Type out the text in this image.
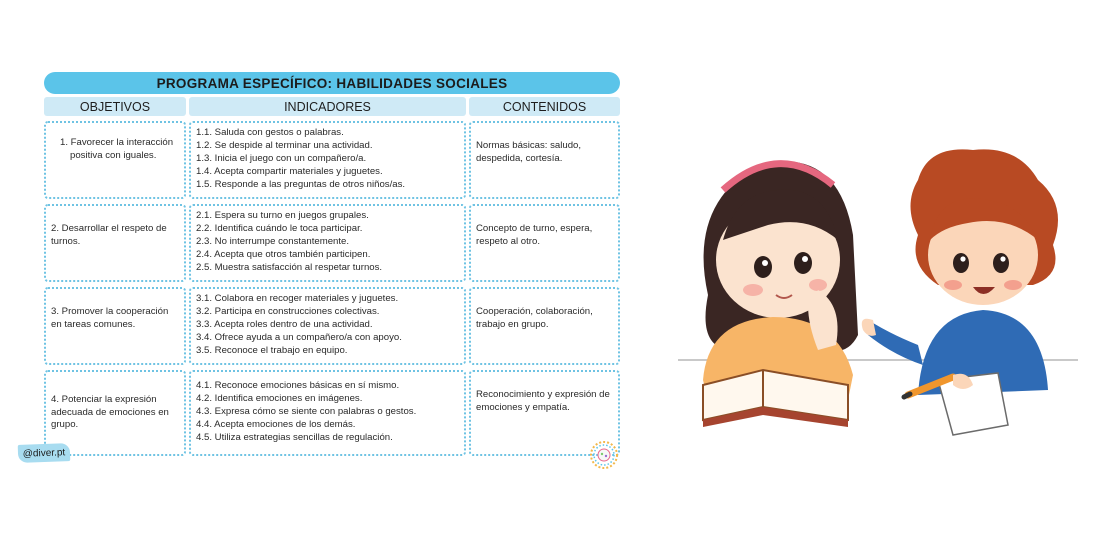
PROGRAMA ESPECÍFICO: HABILIDADES SOCIALES
OBJETIVOS	INDICADORES	CONTENIDOS
1. Favorecer la interacción positiva con iguales.
1.1. Saluda con gestos o palabras.
1.2. Se despide al terminar una actividad.
1.3. Inicia el juego con un compañero/a.
1.4. Acepta compartir materiales y juguetes.
1.5. Responde a las preguntas de otros niños/as.
Normas básicas: saludo, despedida, cortesía.
2. Desarrollar el respeto de turnos.
2.1. Espera su turno en juegos grupales.
2.2. Identifica cuándo le toca participar.
2.3. No interrumpe constantemente.
2.4. Acepta que otros también participen.
2.5. Muestra satisfacción al respetar turnos.
Concepto de turno, espera, respeto al otro.
3. Promover la cooperación en tareas comunes.
3.1. Colabora en recoger materiales y juguetes.
3.2. Participa en construcciones colectivas.
3.3. Acepta roles dentro de una actividad.
3.4. Ofrece ayuda a un compañero/a con apoyo.
3.5. Reconoce el trabajo en equipo.
Cooperación, colaboración, trabajo en grupo.
4. Potenciar la expresión adecuada de emociones en grupo.
4.1. Reconoce emociones básicas en sí mismo.
4.2. Identifica emociones en imágenes.
4.3. Expresa cómo se siente con palabras o gestos.
4.4. Acepta emociones de los demás.
4.5. Utiliza estrategias sencillas de regulación.
Reconocimiento y expresión de emociones y empatía.
@diver.pt
